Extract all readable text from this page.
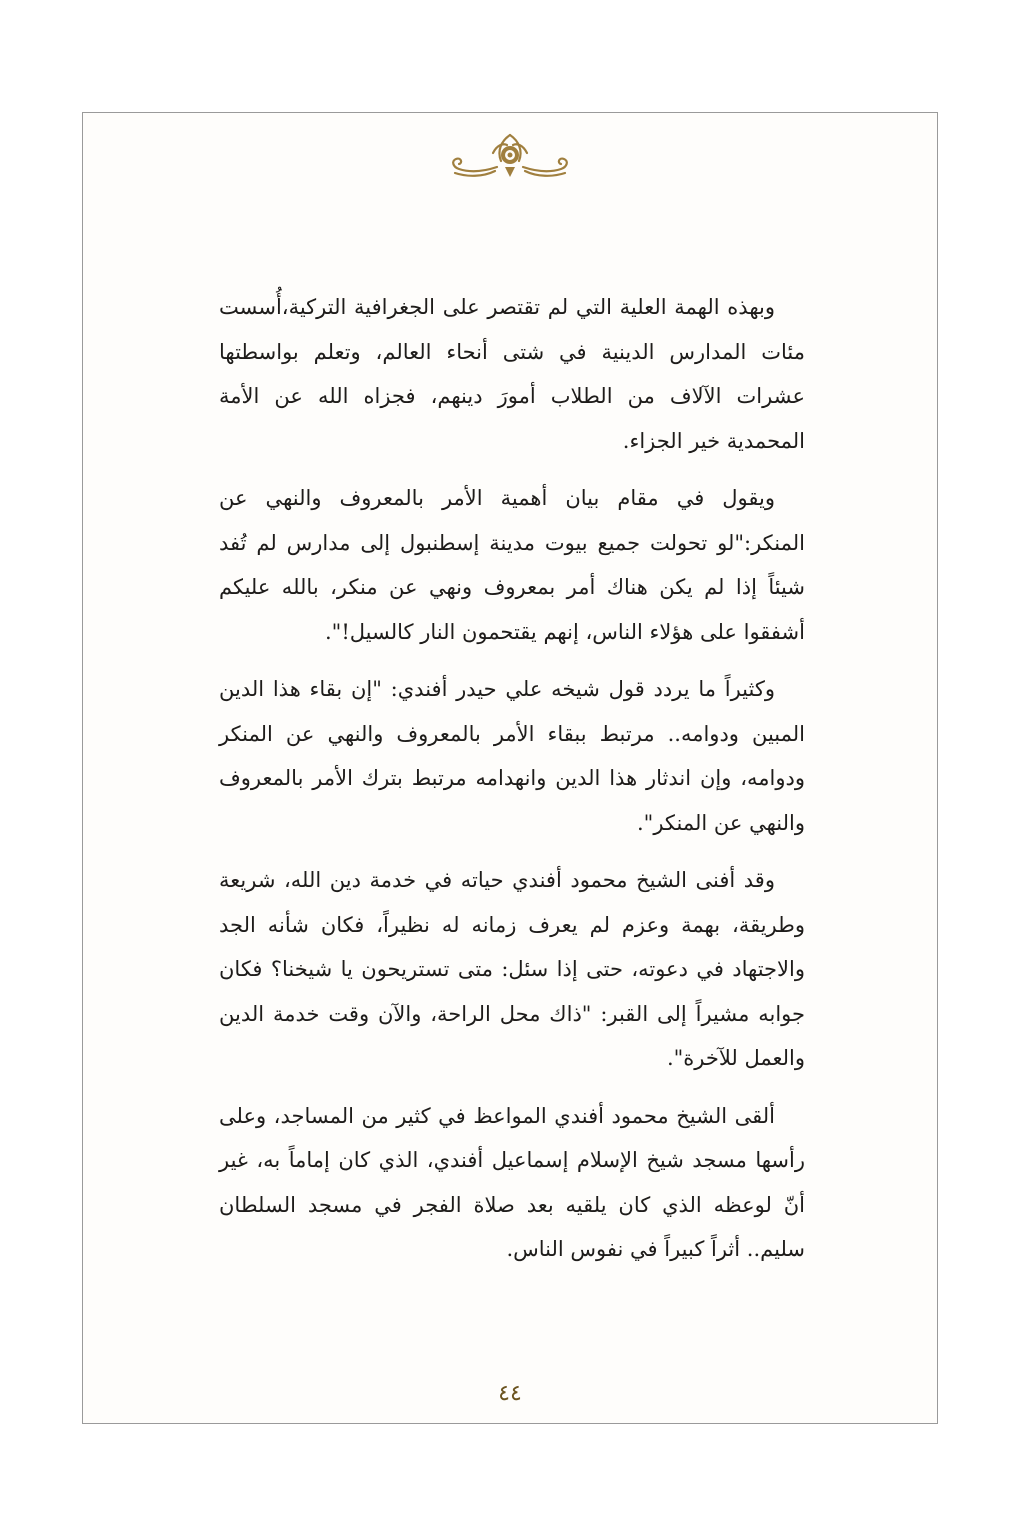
وبهذه الهمة العلية التي لم تقتصر على الجغرافية التركية،أُسست مئات المدارس الدينية في شتى أنحاء العالم، وتعلم بواسطتها عشرات الآلاف من الطلاب أمورَ دينهم، فجزاه الله عن الأمة المحمدية خير الجزاء.

ويقول في مقام بيان أهمية الأمر بالمعروف والنهي عن المنكر:"لو تحولت جميع بيوت مدينة إسطنبول إلى مدارس لم تُفد شيئاً إذا لم يكن هناك أمر بمعروف ونهي عن منكر، بالله عليكم أشفقوا على هؤلاء الناس، إنهم يقتحمون النار كالسيل!".

وكثيراً ما يردد قول شيخه علي حيدر أفندي: "إن بقاء هذا الدين المبين ودوامه.. مرتبط ببقاء الأمر بالمعروف والنهي عن المنكر ودوامه، وإن اندثار هذا الدين وانهدامه مرتبط بترك الأمر بالمعروف والنهي عن المنكر".

وقد أفنى الشيخ محمود أفندي حياته في خدمة دين الله، شريعة وطريقة، بهمة وعزم لم يعرف زمانه له نظيراً، فكان شأنه الجد والاجتهاد في دعوته، حتى إذا سئل: متى تستريحون يا شيخنا؟ فكان جوابه مشيراً إلى القبر: "ذاك محل الراحة، والآن وقت خدمة الدين والعمل للآخرة".

ألقى الشيخ محمود أفندي المواعظ في كثير من المساجد، وعلى رأسها مسجد شيخ الإسلام إسماعيل أفندي، الذي كان إماماً به، غير أنّ لوعظه الذي كان يلقيه بعد صلاة الفجر في مسجد السلطان سليم.. أثراً كبيراً في نفوس الناس.

٤٤
